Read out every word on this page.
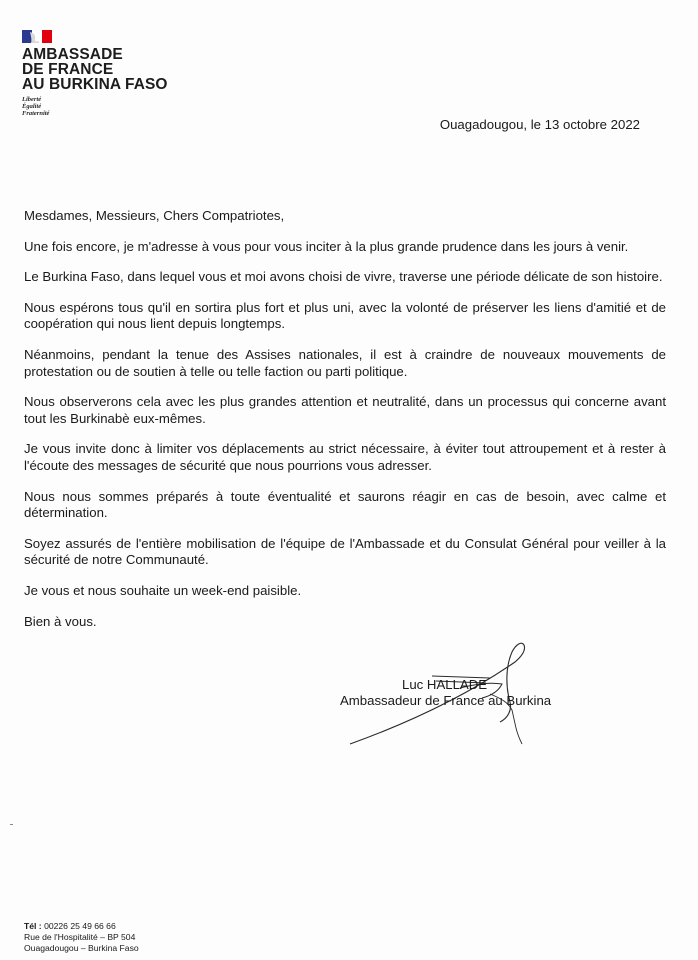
AMBASSADE
DE FRANCE
AU BURKINA FASO
Liberté
Égalité
Fraternité
Ouagadougou, le 13 octobre 2022

Mesdames, Messieurs, Chers Compatriotes,

Une fois encore, je m'adresse à vous pour vous inciter à la plus grande prudence dans les jours à venir.

Le Burkina Faso, dans lequel vous et moi avons choisi de vivre, traverse une période délicate de son histoire.

Nous espérons tous qu'il en sortira plus fort et plus uni, avec la volonté de préserver les liens d'amitié et de coopération qui nous lient depuis longtemps.

Néanmoins, pendant la tenue des Assises nationales, il est à craindre de nouveaux mouvements de protestation ou de soutien à telle ou telle faction ou parti politique.

Nous observerons cela avec les plus grandes attention et neutralité, dans un processus qui concerne avant tout les Burkinabè eux-mêmes.

Je vous invite donc à limiter vos déplacements au strict nécessaire, à éviter tout attroupement et à rester à l'écoute des messages de sécurité que nous pourrions vous adresser.

Nous nous sommes préparés à toute éventualité et saurons réagir en cas de besoin, avec calme et détermination.

Soyez assurés de l'entière mobilisation de l'équipe de l'Ambassade et du Consulat Général pour veiller à la sécurité de notre Communauté.

Je vous et nous souhaite un week-end paisible.

Bien à vous.

Luc HALLADE
Ambassadeur de France au Burkina
Tél : 00226 25 49 66 66
Rue de l'Hospitalité – BP 504
Ouagadougou – Burkina Faso
